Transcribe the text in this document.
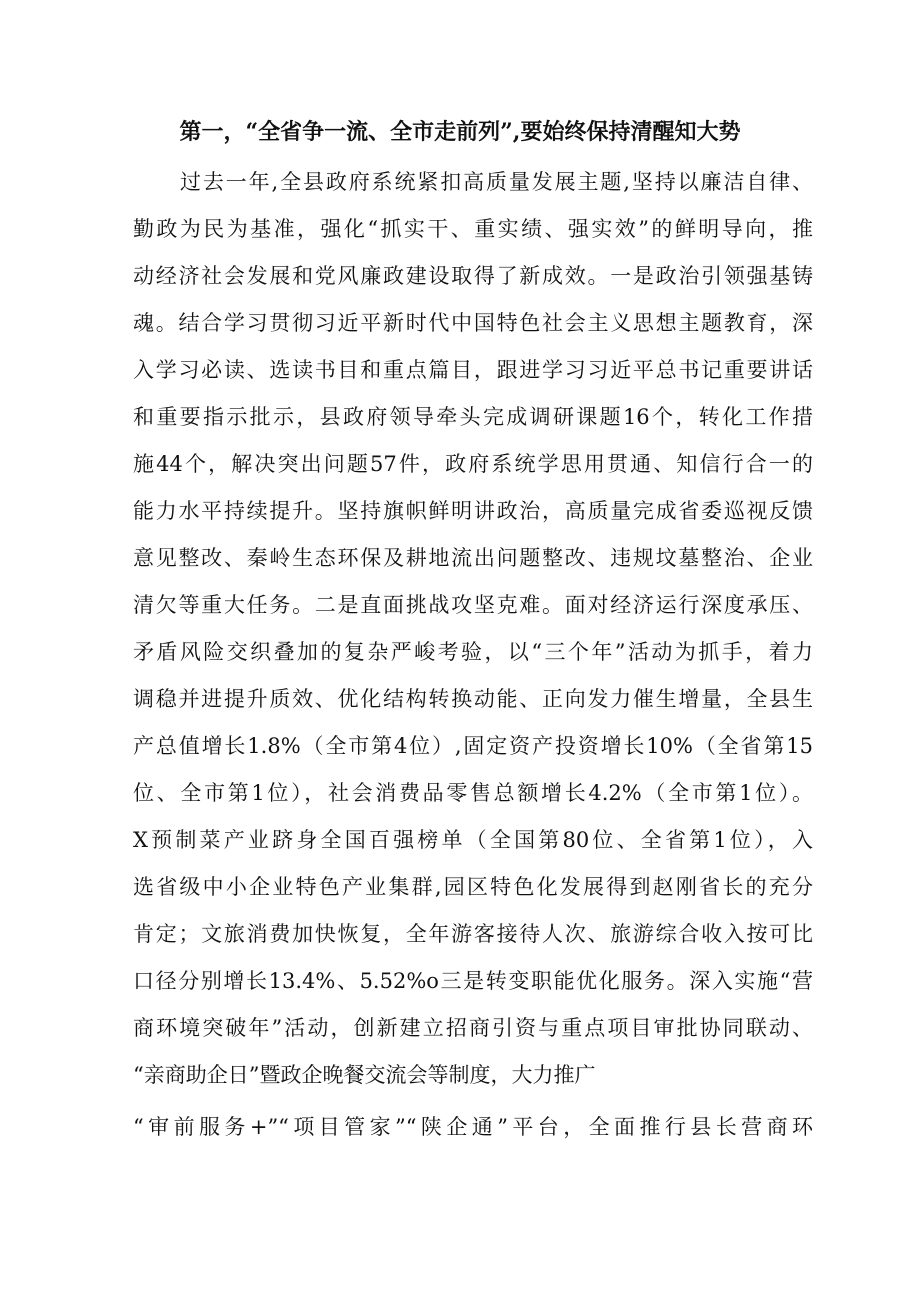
第一，“全省争一流、全市走前列”,要始终保持清醒知大势
过去一年,全县政府系统紧扣高质量发展主题,坚持以廉洁自律、
勤政为民为基准，强化“抓实干、重实绩、强实效”的鲜明导向，推
动经济社会发展和党风廉政建设取得了新成效。一是政治引领强基铸
魂。结合学习贯彻习近平新时代中国特色社会主义思想主题教育，深
入学习必读、选读书目和重点篇目，跟进学习习近平总书记重要讲话
和重要指示批示，县政府领导牵头完成调研课题16个，转化工作措
施44个，解决突出问题57件，政府系统学思用贯通、知信行合一的
能力水平持续提升。坚持旗帜鲜明讲政治，高质量完成省委巡视反馈
意见整改、秦岭生态环保及耕地流出问题整改、违规坟墓整治、企业
清欠等重大任务。二是直面挑战攻坚克难。面对经济运行深度承压、
矛盾风险交织叠加的复杂严峻考验，以“三个年”活动为抓手，着力
调稳并进提升质效、优化结构转换动能、正向发力催生增量，全县生
产总值增长1.8%（全市第4位）,固定资产投资增长10%（全省第15
位、全市第1位），社会消费品零售总额增长4.2%（全市第1位）。
X预制菜产业跻身全国百强榜单（全国第80位、全省第1位），入
选省级中小企业特色产业集群,园区特色化发展得到赵刚省长的充分
肯定；文旅消费加快恢复，全年游客接待人次、旅游综合收入按可比
口径分别增长13.4%、5.52%o三是转变职能优化服务。深入实施“营
商环境突破年”活动，创新建立招商引资与重点项目审批协同联动、
“亲商助企日”暨政企晚餐交流会等制度，大力推广
“审前服务+”“项目管家”“陕企通”平台，全面推行县长营商环
